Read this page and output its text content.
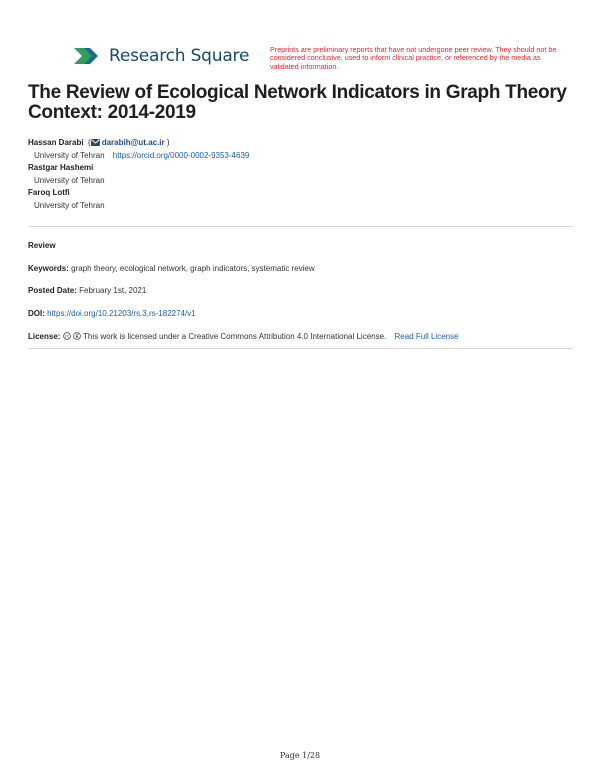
Research Square	Preprints are preliminary reports that have not undergone peer review. They should not be considered conclusive, used to inform clinical practice, or referenced by the media as validated information.
The Review of Ecological Network Indicators in Graph Theory Context: 2014-2019
Hassan Darabi  ( darabih@ut.ac.ir )
University of Tehran https://orcid.org/0000-0002-9353-4639
Rastgar Hashemi
University of Tehran
Faroq Lotfi
University of Tehran
Review
Keywords: graph theory, ecological network, graph indicators, systematic review
Posted Date: February 1st, 2021
DOI: https://doi.org/10.21203/rs.3.rs-182274/v1
License: cc This work is licensed under a Creative Commons Attribution 4.0 International License. Read Full License
Page 1/28
